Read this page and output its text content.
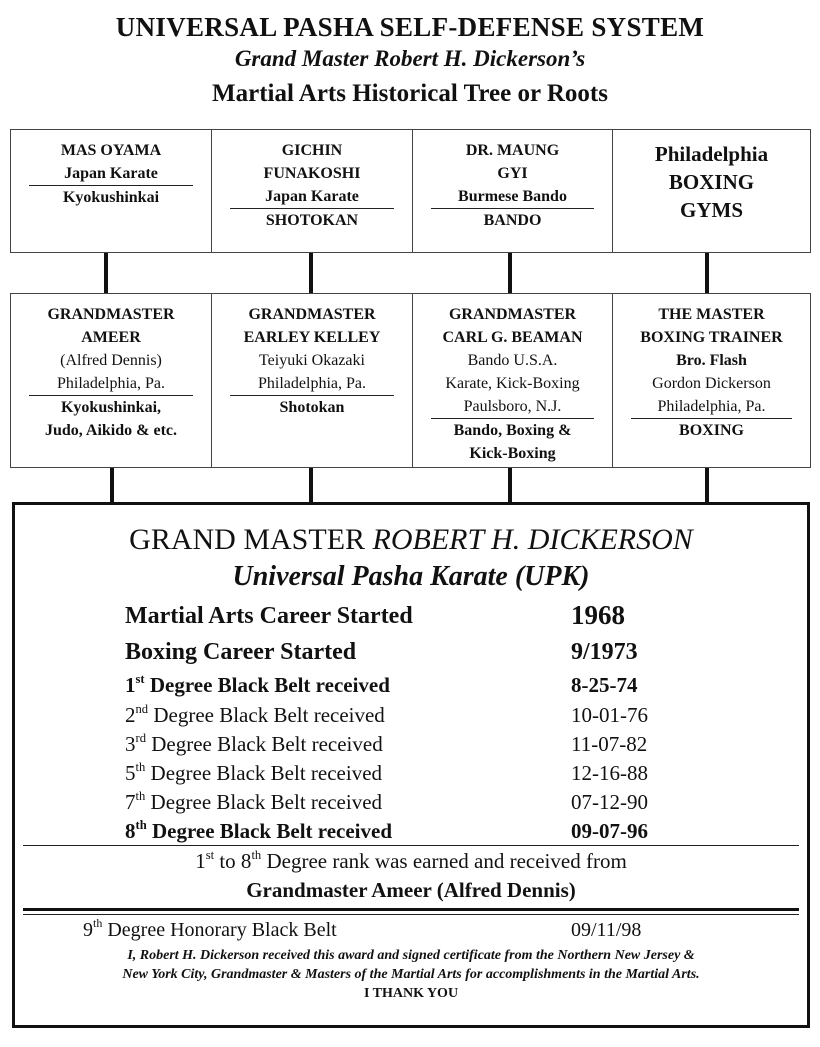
UNIVERSAL PASHA SELF-DEFENSE SYSTEM
Grand Master Robert H. Dickerson’s
Martial Arts Historical Tree or Roots
MAS OYAMA
Japan Karate
Kyokushinkai
GICHIN
FUNAKOSHI
Japan Karate
SHOTOKAN
DR. MAUNG
GYI
Burmese Bando
BANDO
Philadelphia
BOXING
GYMS
GRANDMASTER
AMEER
(Alfred Dennis)
Philadelphia, Pa.
Kyokushinkai,
Judo, Aikido & etc.
GRANDMASTER
EARLEY KELLEY
Teiyuki Okazaki
Philadelphia, Pa.
Shotokan
GRANDMASTER
CARL G. BEAMAN
Bando U.S.A.
Karate, Kick-Boxing
Paulsboro, N.J.
Bando, Boxing &
Kick-Boxing
THE MASTER
BOXING TRAINER
Bro. Flash
Gordon Dickerson
Philadelphia, Pa.
BOXING
GRAND MASTER ROBERT H. DICKERSON
Universal Pasha Karate (UPK)
Martial Arts Career Started	1968
Boxing Career Started	9/1973
1st Degree Black Belt received	8-25-74
2nd Degree Black Belt received	10-01-76
3rd Degree Black Belt received	11-07-82
5th Degree Black Belt received	12-16-88
7th Degree Black Belt received	07-12-90
8th Degree Black Belt received	09-07-96
1st to 8th Degree rank was earned and received from
Grandmaster Ameer (Alfred Dennis)
9th Degree Honorary Black Belt	09/11/98
I, Robert H. Dickerson received this award and signed certificate from the Northern New Jersey &
New York City, Grandmaster & Masters of the Martial Arts for accomplishments in the Martial Arts.
I THANK YOU
